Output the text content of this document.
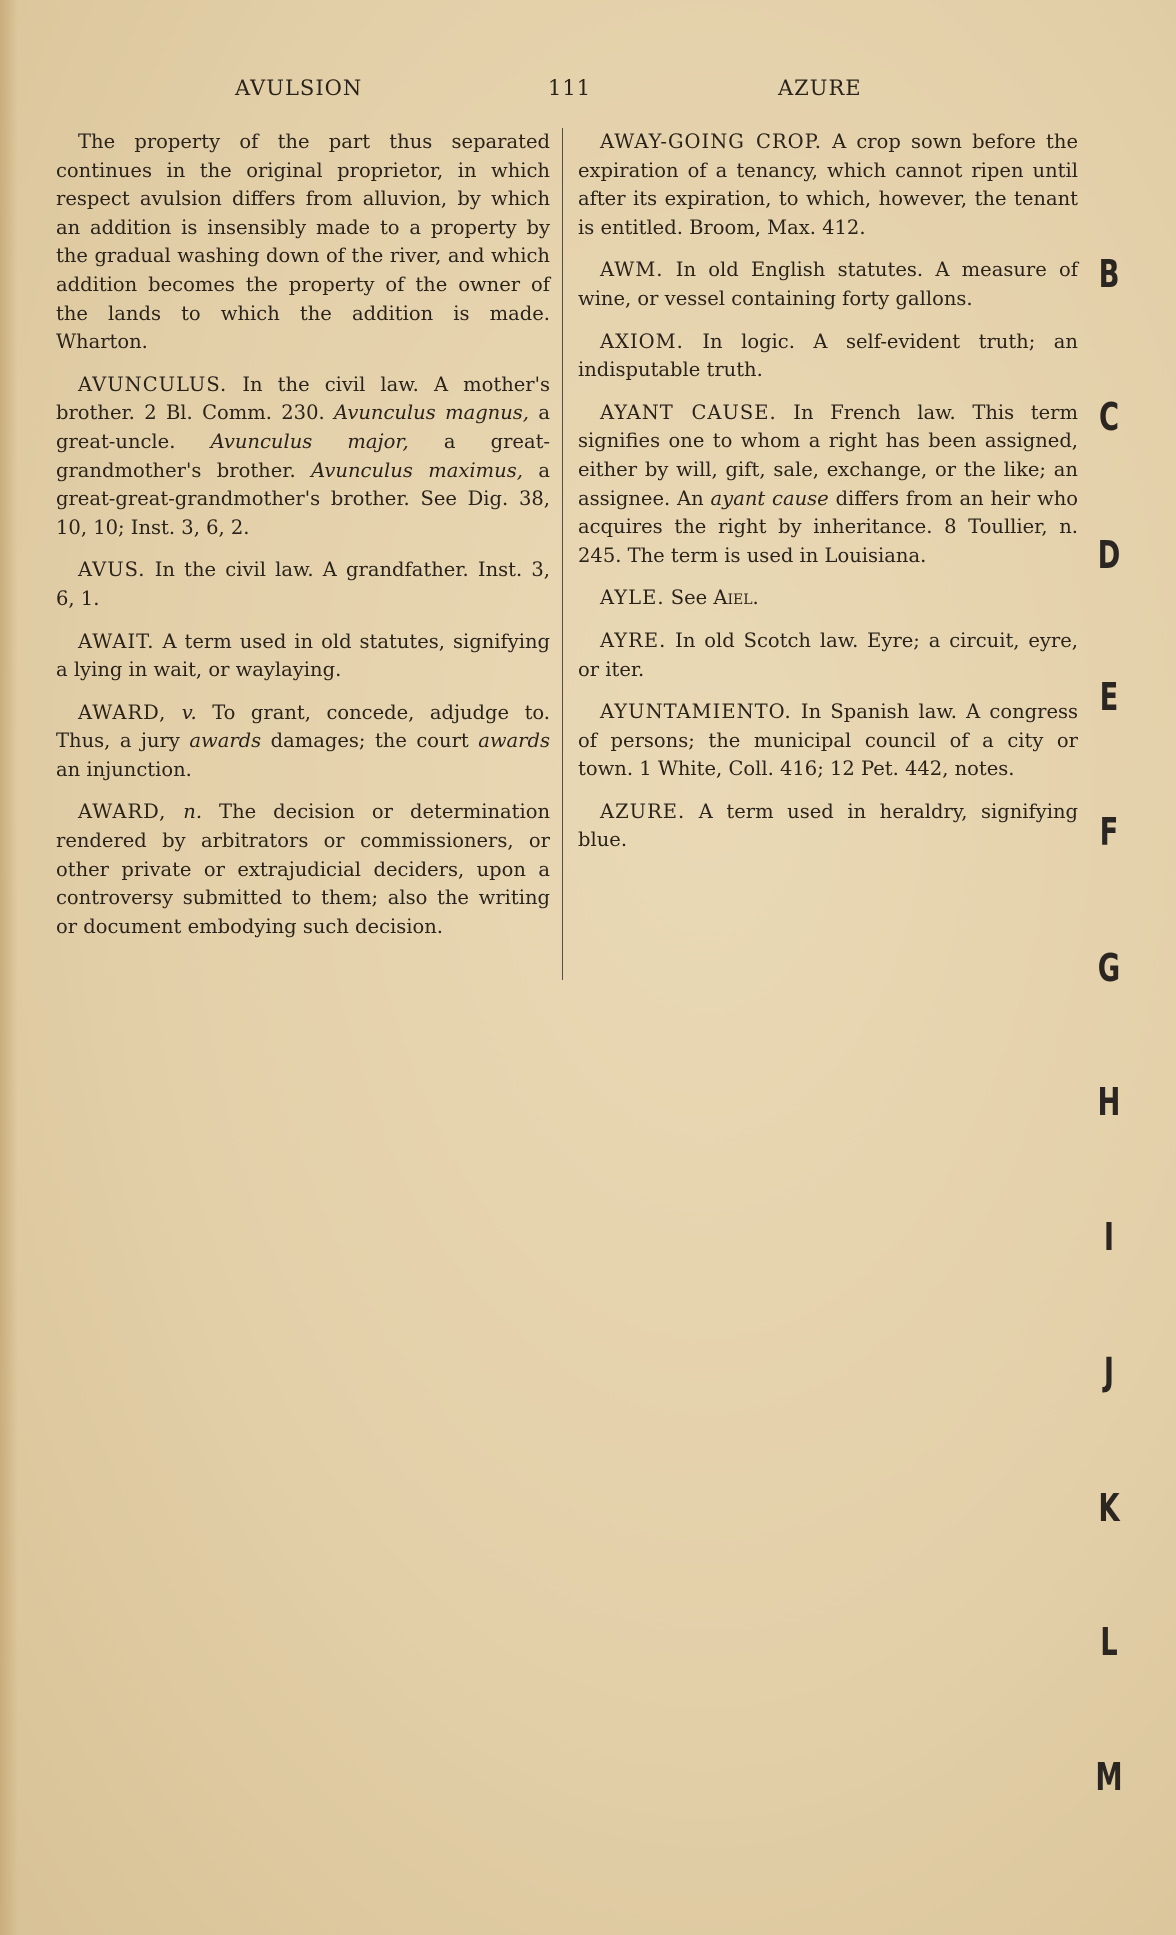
AVULSION	111	AZURE

The property of the part thus separated continues in the original proprietor, in which respect avulsion differs from alluvion, by which an addition is insensibly made to a property by the gradual washing down of the river, and which addition becomes the property of the owner of the lands to which the addition is made. Wharton.

AVUNCULUS. In the civil law. A mother's brother. 2 Bl. Comm. 230. Avunculus magnus, a great-uncle. Avunculus major, a great-grandmother's brother. Avunculus maximus, a great-great-grandmother's brother. See Dig. 38, 10, 10; Inst. 3, 6, 2.

AVUS. In the civil law. A grandfather. Inst. 3, 6, 1.

AWAIT. A term used in old statutes, signifying a lying in wait, or waylaying.

AWARD, v. To grant, concede, adjudge to. Thus, a jury awards damages; the court awards an injunction.

AWARD, n. The decision or determination rendered by arbitrators or commissioners, or other private or extrajudicial deciders, upon a controversy submitted to them; also the writing or document embodying such decision.

AWAY-GOING CROP. A crop sown before the expiration of a tenancy, which cannot ripen until after its expiration, to which, however, the tenant is entitled. Broom, Max. 412.

AWM. In old English statutes. A measure of wine, or vessel containing forty gallons.

AXIOM. In logic. A self-evident truth; an indisputable truth.

AYANT CAUSE. In French law. This term signifies one to whom a right has been assigned, either by will, gift, sale, exchange, or the like; an assignee. An ayant cause differs from an heir who acquires the right by inheritance. 8 Toullier, n. 245. The term is used in Louisiana.

AYLE. See Aiel.

AYRE. In old Scotch law. Eyre; a circuit, eyre, or iter.

AYUNTAMIENTO. In Spanish law. A congress of persons; the municipal council of a city or town. 1 White, Coll. 416; 12 Pet. 442, notes.

AZURE. A term used in heraldry, signifying blue.

B
C
D
E
F
G
H
I
J
K
L
M
